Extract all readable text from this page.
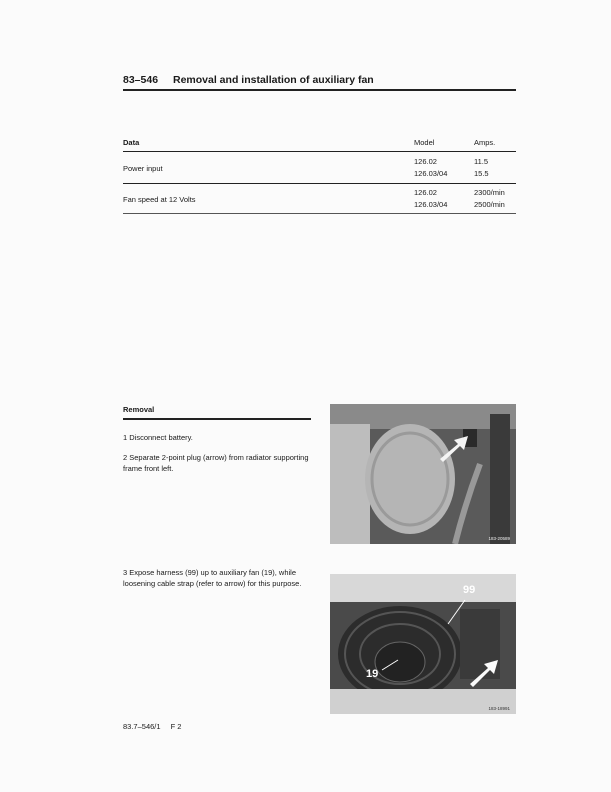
83–546 Removal and installation of auxiliary fan
Data	Model	Amps.
Power input
126.02
126.03/04
11.5
15.5
Fan speed at 12 Volts
126.02
126.03/04
2300/min
2500/min
Removal
1 Disconnect battery.
2 Separate 2-point plug (arrow) from radiator supporting frame front left.
3 Expose harness (99) up to auxiliary fan (19), while loosening cable strap (refer to arrow) for this purpose.
183-20589
99
19
183-18991
83.7–546/1 F 2
